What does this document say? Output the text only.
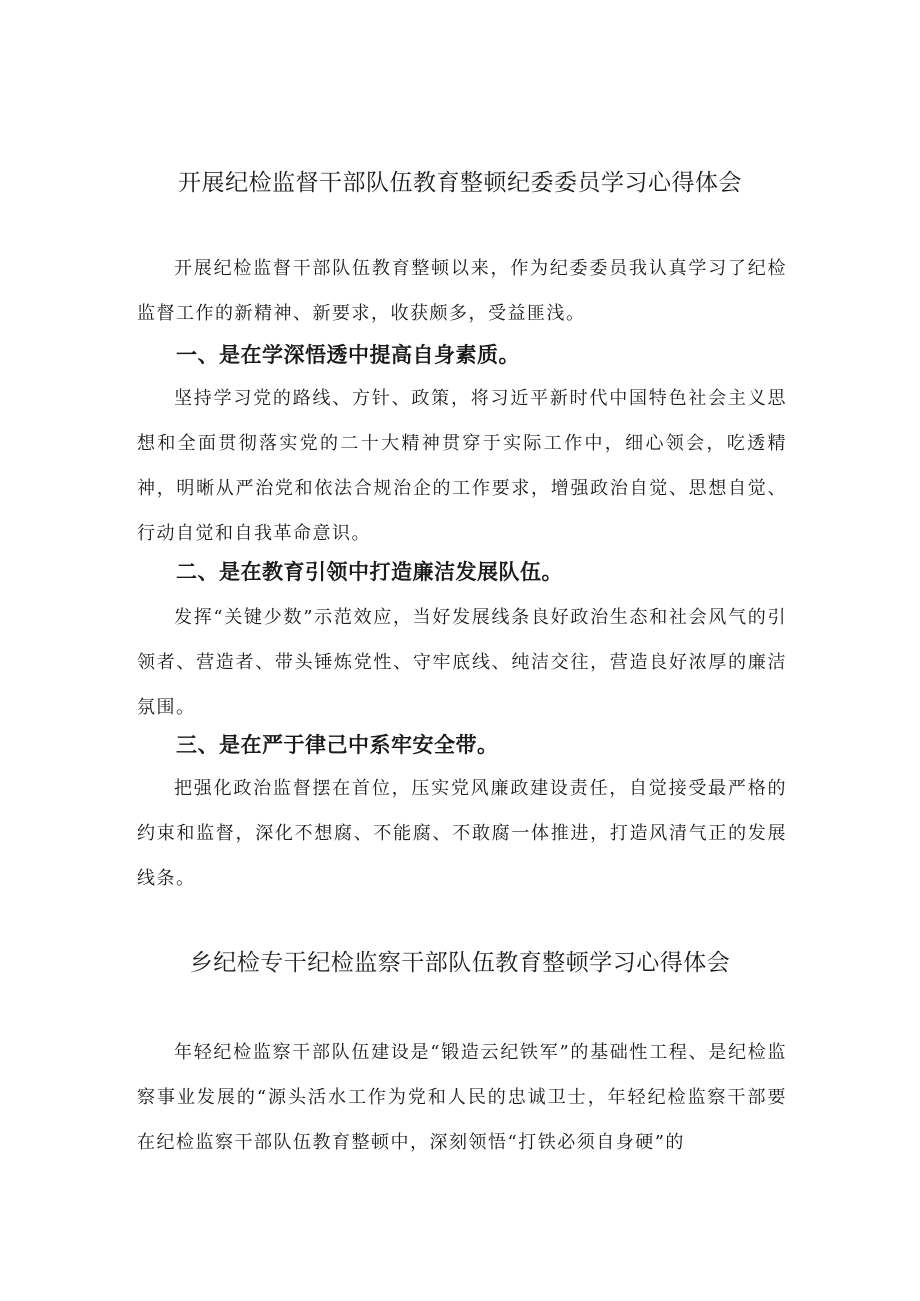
开展纪检监督干部队伍教育整顿纪委委员学习心得体会

开展纪检监督干部队伍教育整顿以来，作为纪委委员我认真学习了纪检监督工作的新精神、新要求，收获颇多，受益匪浅。

一、是在学深悟透中提高自身素质。

坚持学习党的路线、方针、政策，将习近平新时代中国特色社会主义思想和全面贯彻落实党的二十大精神贯穿于实际工作中，细心领会，吃透精神，明晰从严治党和依法合规治企的工作要求，增强政治自觉、思想自觉、行动自觉和自我革命意识。

二、是在教育引领中打造廉洁发展队伍。

发挥“关键少数”示范效应，当好发展线条良好政治生态和社会风气的引领者、营造者、带头锤炼党性、守牢底线、纯洁交往，营造良好浓厚的廉洁氛围。

三、是在严于律己中系牢安全带。

把强化政治监督摆在首位，压实党风廉政建设责任，自觉接受最严格的约束和监督，深化不想腐、不能腐、不敢腐一体推进，打造风清气正的发展线条。

乡纪检专干纪检监察干部队伍教育整顿学习心得体会

年轻纪检监察干部队伍建设是“锻造云纪铁军”的基础性工程、是纪检监察事业发展的“源头活水工作为党和人民的忠诚卫士，年轻纪检监察干部要在纪检监察干部队伍教育整顿中，深刻领悟“打铁必须自身硬”的
